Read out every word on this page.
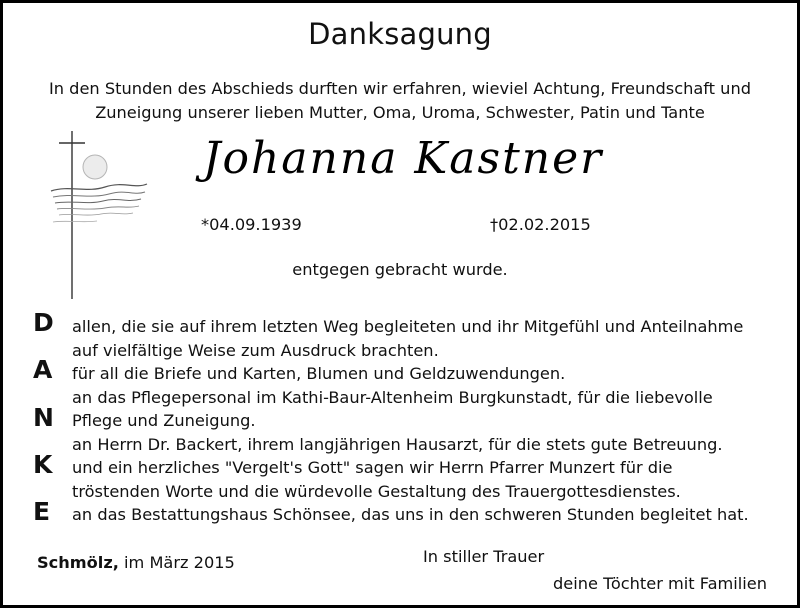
Danksagung
In den Stunden des Abschieds durften wir erfahren, wieviel Achtung, Freundschaft und
Zuneigung unserer lieben Mutter, Oma, Uroma, Schwester, Patin und Tante
Johanna Kastner
*04.09.1939	†02.02.2015
entgegen gebracht wurde.
D
A
N
K
E

allen, die sie auf ihrem letzten Weg begleiteten und ihr Mitgefühl und Anteilnahme

auf vielfältige Weise zum Ausdruck brachten.

für all die Briefe und Karten, Blumen und Geldzuwendungen.

an das Pflegepersonal im Kathi-Baur-Altenheim Burgkunstadt, für die liebevolle

Pflege und Zuneigung.

an Herrn Dr. Backert, ihrem langjährigen Hausarzt, für die stets gute Betreuung.

und ein herzliches "Vergelt's Gott" sagen wir Herrn Pfarrer Munzert für die

tröstenden Worte und die würdevolle Gestaltung des Trauergottesdienstes.

an das Bestattungshaus Schönsee, das uns in den schweren Stunden begleitet hat.

Schmölz, im März 2015	In stiller Trauer
deine Töchter mit Familien
